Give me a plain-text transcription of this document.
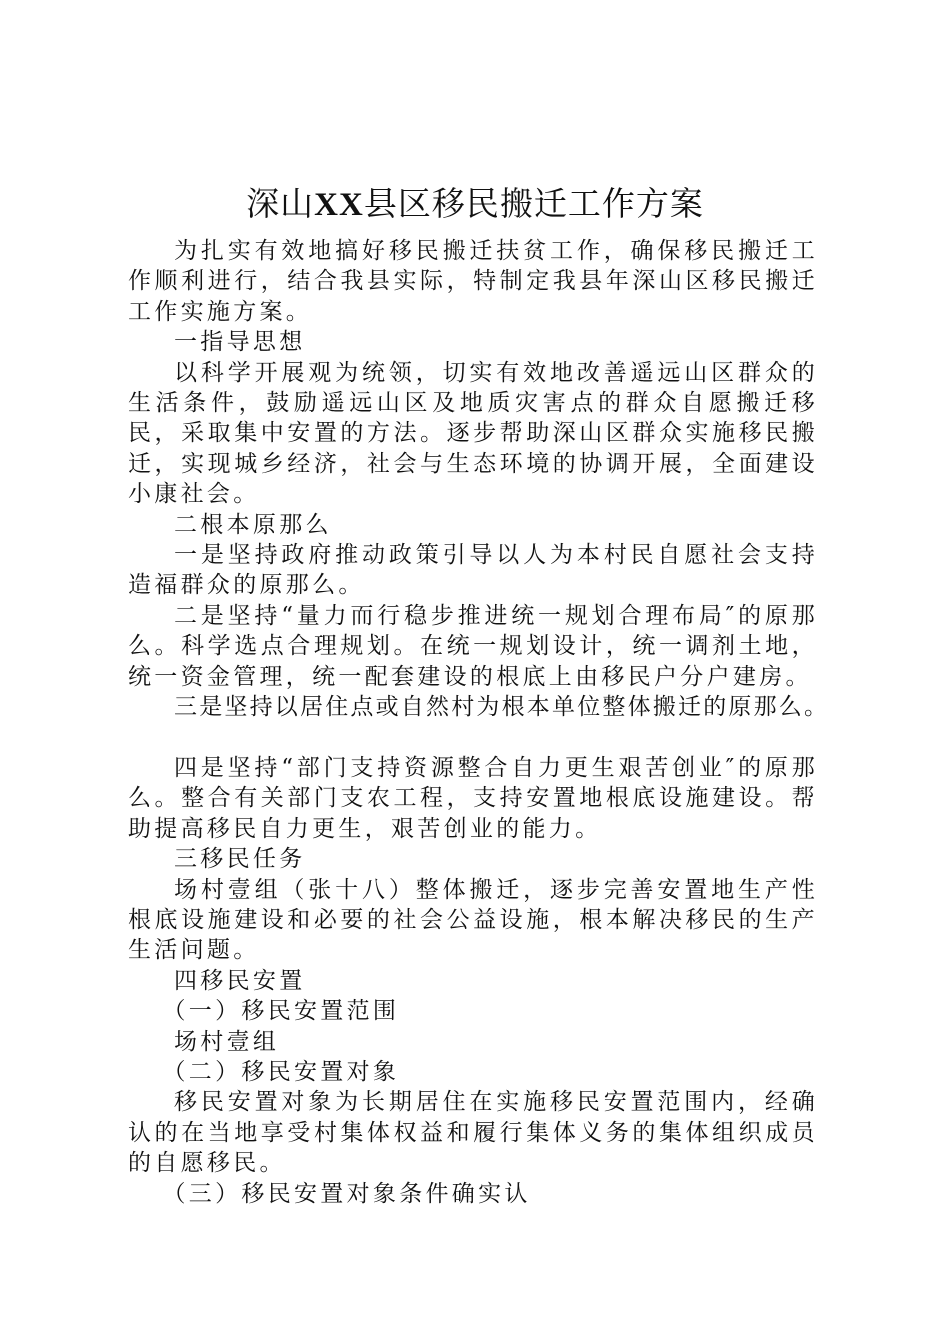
深山XX县区移民搬迁工作方案

为扎实有效地搞好移民搬迁扶贫工作，确保移民搬迁工作顺利进行，结合我县实际，特制定我县年深山区移民搬迁工作实施方案。

一指导思想

以科学开展观为统领，切实有效地改善遥远山区群众的生活条件，鼓励遥远山区及地质灾害点的群众自愿搬迁移民，采取集中安置的方法。逐步帮助深山区群众实施移民搬迁，实现城乡经济，社会与生态环境的协调开展，全面建设小康社会。

二根本原那么

一是坚持政府推动政策引导以人为本村民自愿社会支持造福群众的原那么。

二是坚持“量力而行稳步推进统一规划合理布局″的原那么。科学选点合理规划。在统一规划设计，统一调剂土地，统一资金管理，统一配套建设的根底上由移民户分户建房。

三是坚持以居住点或自然村为根本单位整体搬迁的原那么。

四是坚持“部门支持资源整合自力更生艰苦创业″的原那么。整合有关部门支农工程，支持安置地根底设施建设。帮助提高移民自力更生，艰苦创业的能力。

三移民任务

场村壹组（张十八）整体搬迁，逐步完善安置地生产性根底设施建设和必要的社会公益设施，根本解决移民的生产生活问题。

四移民安置

（一）移民安置范围

场村壹组

（二）移民安置对象

移民安置对象为长期居住在实施移民安置范围内，经确认的在当地享受村集体权益和履行集体义务的集体组织成员的自愿移民。

（三）移民安置对象条件确实认
